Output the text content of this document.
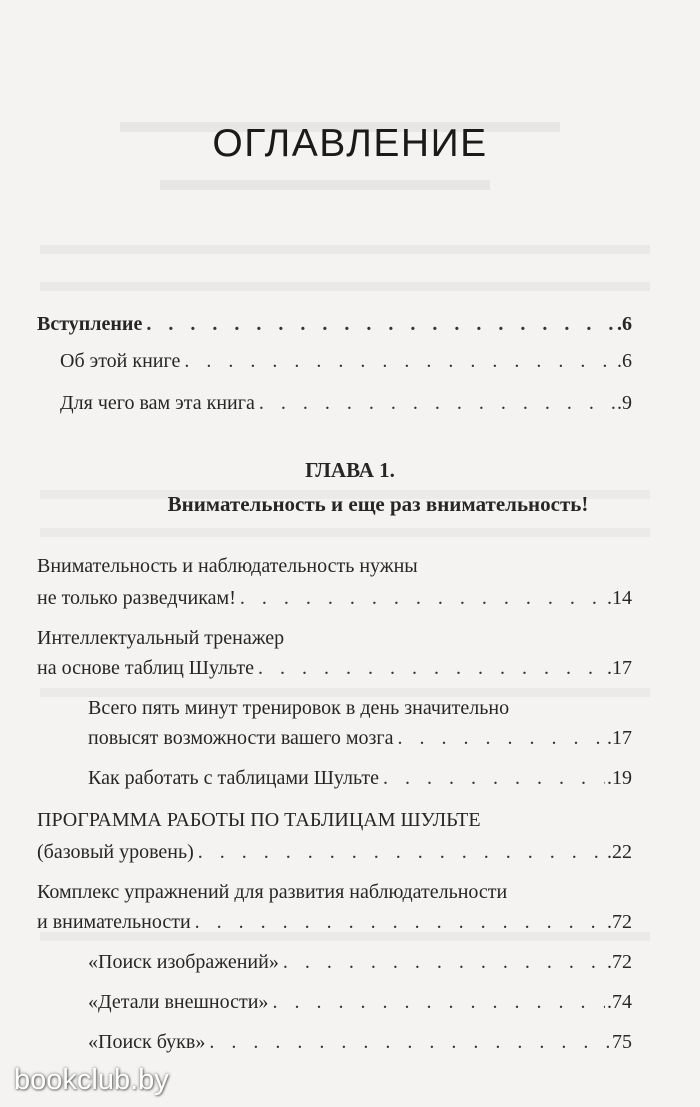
ОГЛАВЛЕНИЕ
Вступление . . .	.6
Об этой книге . . .	.6
Для чего вам эта книга . . .	.9
ГЛАВА 1.
Внимательность и еще раз внимательность!
Внимательность и наблюдательность нужны
не только разведчикам! . . .	.14
Интеллектуальный тренажер
на основе таблиц Шульте . . .	.17
Всего пять минут тренировок в день значительно
повысят возможности вашего мозга . . .	.17
Как работать с таблицами Шульте . . .	.19
ПРОГРАММА РАБОТЫ ПО ТАБЛИЦАМ ШУЛЬТЕ
(базовый уровень) . . .	.22
Комплекс упражнений для развития наблюдательности
и внимательности . . .	.72
«Поиск изображений» . . .	.72
«Детали внешности» . . .	.74
«Поиск букв» . . .	75
bookclub.by
